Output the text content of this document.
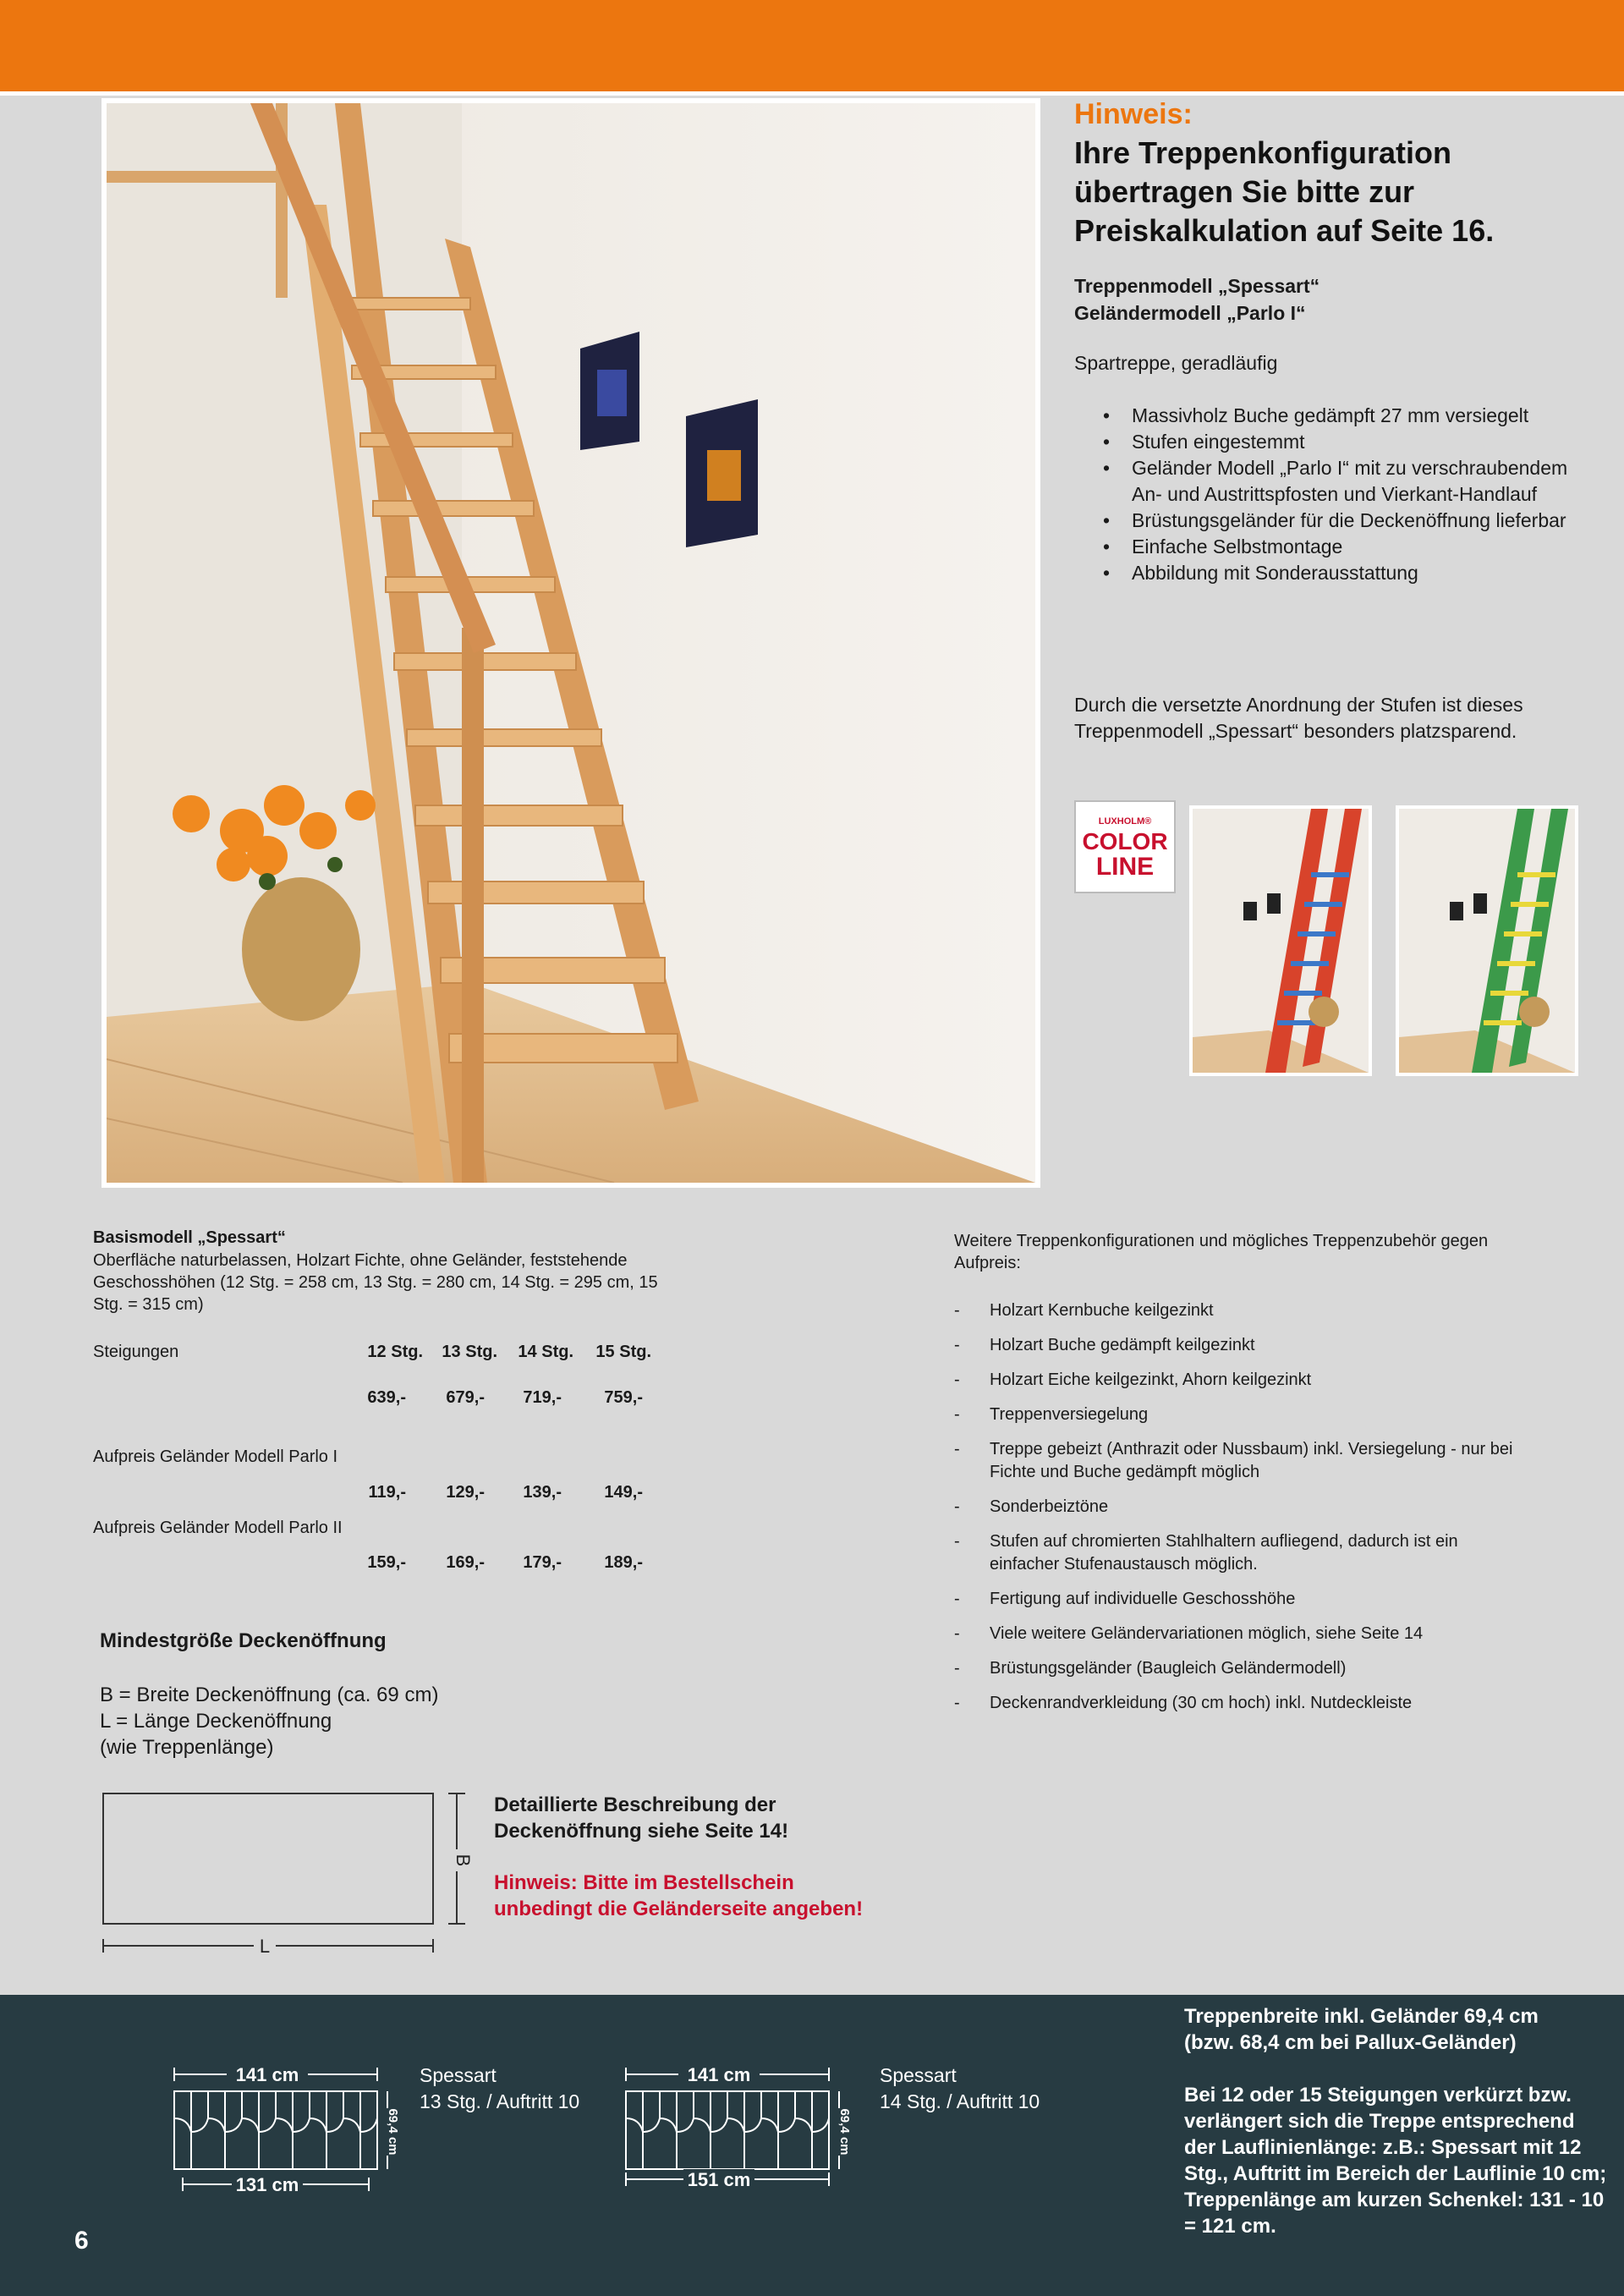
Hinweis:
Ihre Treppenkonfiguration übertragen Sie bitte zur Preiskalkulation auf Seite 16.
Treppenmodell „Spessart“
Geländermodell „Parlo I“
Spartreppe, geradläufig
• Massivholz Buche gedämpft 27 mm versiegelt
• Stufen eingestemmt
• Geländer Modell „Parlo I“ mit zu verschraubendem An- und Austrittspfosten und Vierkant-Handlauf
• Brüstungsgeländer für die Deckenöffnung lieferbar
• Einfache Selbstmontage
• Abbildung mit Sonderausstattung
Durch die versetzte Anordnung der Stufen ist dieses Treppenmodell „Spessart“ besonders platzsparend.
LUXHOLM®
COLOR
LINE
Basismodell „Spessart“
Oberfläche naturbelassen, Holzart Fichte, ohne Geländer, feststehende Geschosshöhen (12 Stg. = 258 cm, 13 Stg. = 280 cm, 14 Stg. = 295 cm, 15 Stg. = 315 cm)
Steigungen	12 Stg.	13 Stg.	14 Stg.	15 Stg.
639,-	679,-	719,-	759,-
Aufpreis Geländer Modell Parlo I
119,-	129,-	139,-	149,-
Aufpreis Geländer Modell Parlo II
159,-	169,-	179,-	189,-
Mindestgröße Deckenöffnung
B = Breite Deckenöffnung (ca. 69 cm)
L = Länge Deckenöffnung
(wie Treppenlänge)
L
B
Detaillierte Beschreibung der Deckenöffnung siehe Seite 14!
Hinweis: Bitte im Bestellschein unbedingt die Geländerseite angeben!
Weitere Treppenkonfigurationen und mögliches Treppenzubehör gegen Aufpreis:
- Holzart Kernbuche keilgezinkt
- Holzart Buche gedämpft keilgezinkt
- Holzart Eiche keilgezinkt, Ahorn keilgezinkt
- Treppenversiegelung
- Treppe gebeizt (Anthrazit oder Nussbaum) inkl. Versiegelung - nur bei Fichte und Buche gedämpft möglich
- Sonderbeiztöne
- Stufen auf chromierten Stahlhaltern aufliegend, dadurch ist ein einfacher Stufenaustausch möglich.
- Fertigung auf individuelle Geschosshöhe
- Viele weitere Geländervariationen möglich, siehe Seite 14
- Brüstungsgeländer (Baugleich Geländermodell)
- Deckenrandverkleidung (30 cm hoch) inkl. Nutdeckleiste
Treppenbreite inkl. Geländer 69,4 cm
(bzw. 68,4 cm bei Pallux-Geländer)
Bei 12 oder 15 Steigungen verkürzt bzw. verlängert sich die Treppe entsprechend der Lauflinienlänge: z.B.: Spessart mit 12 Stg., Auftritt im Bereich der Lauflinie 10 cm; Treppenlänge am kurzen Schenkel: 131 - 10 = 121 cm.
141 cm
131 cm
69,4 cm
Spessart
13 Stg. / Auftritt 10
141 cm
151 cm
69,4 cm
Spessart
14 Stg. / Auftritt 10
6
